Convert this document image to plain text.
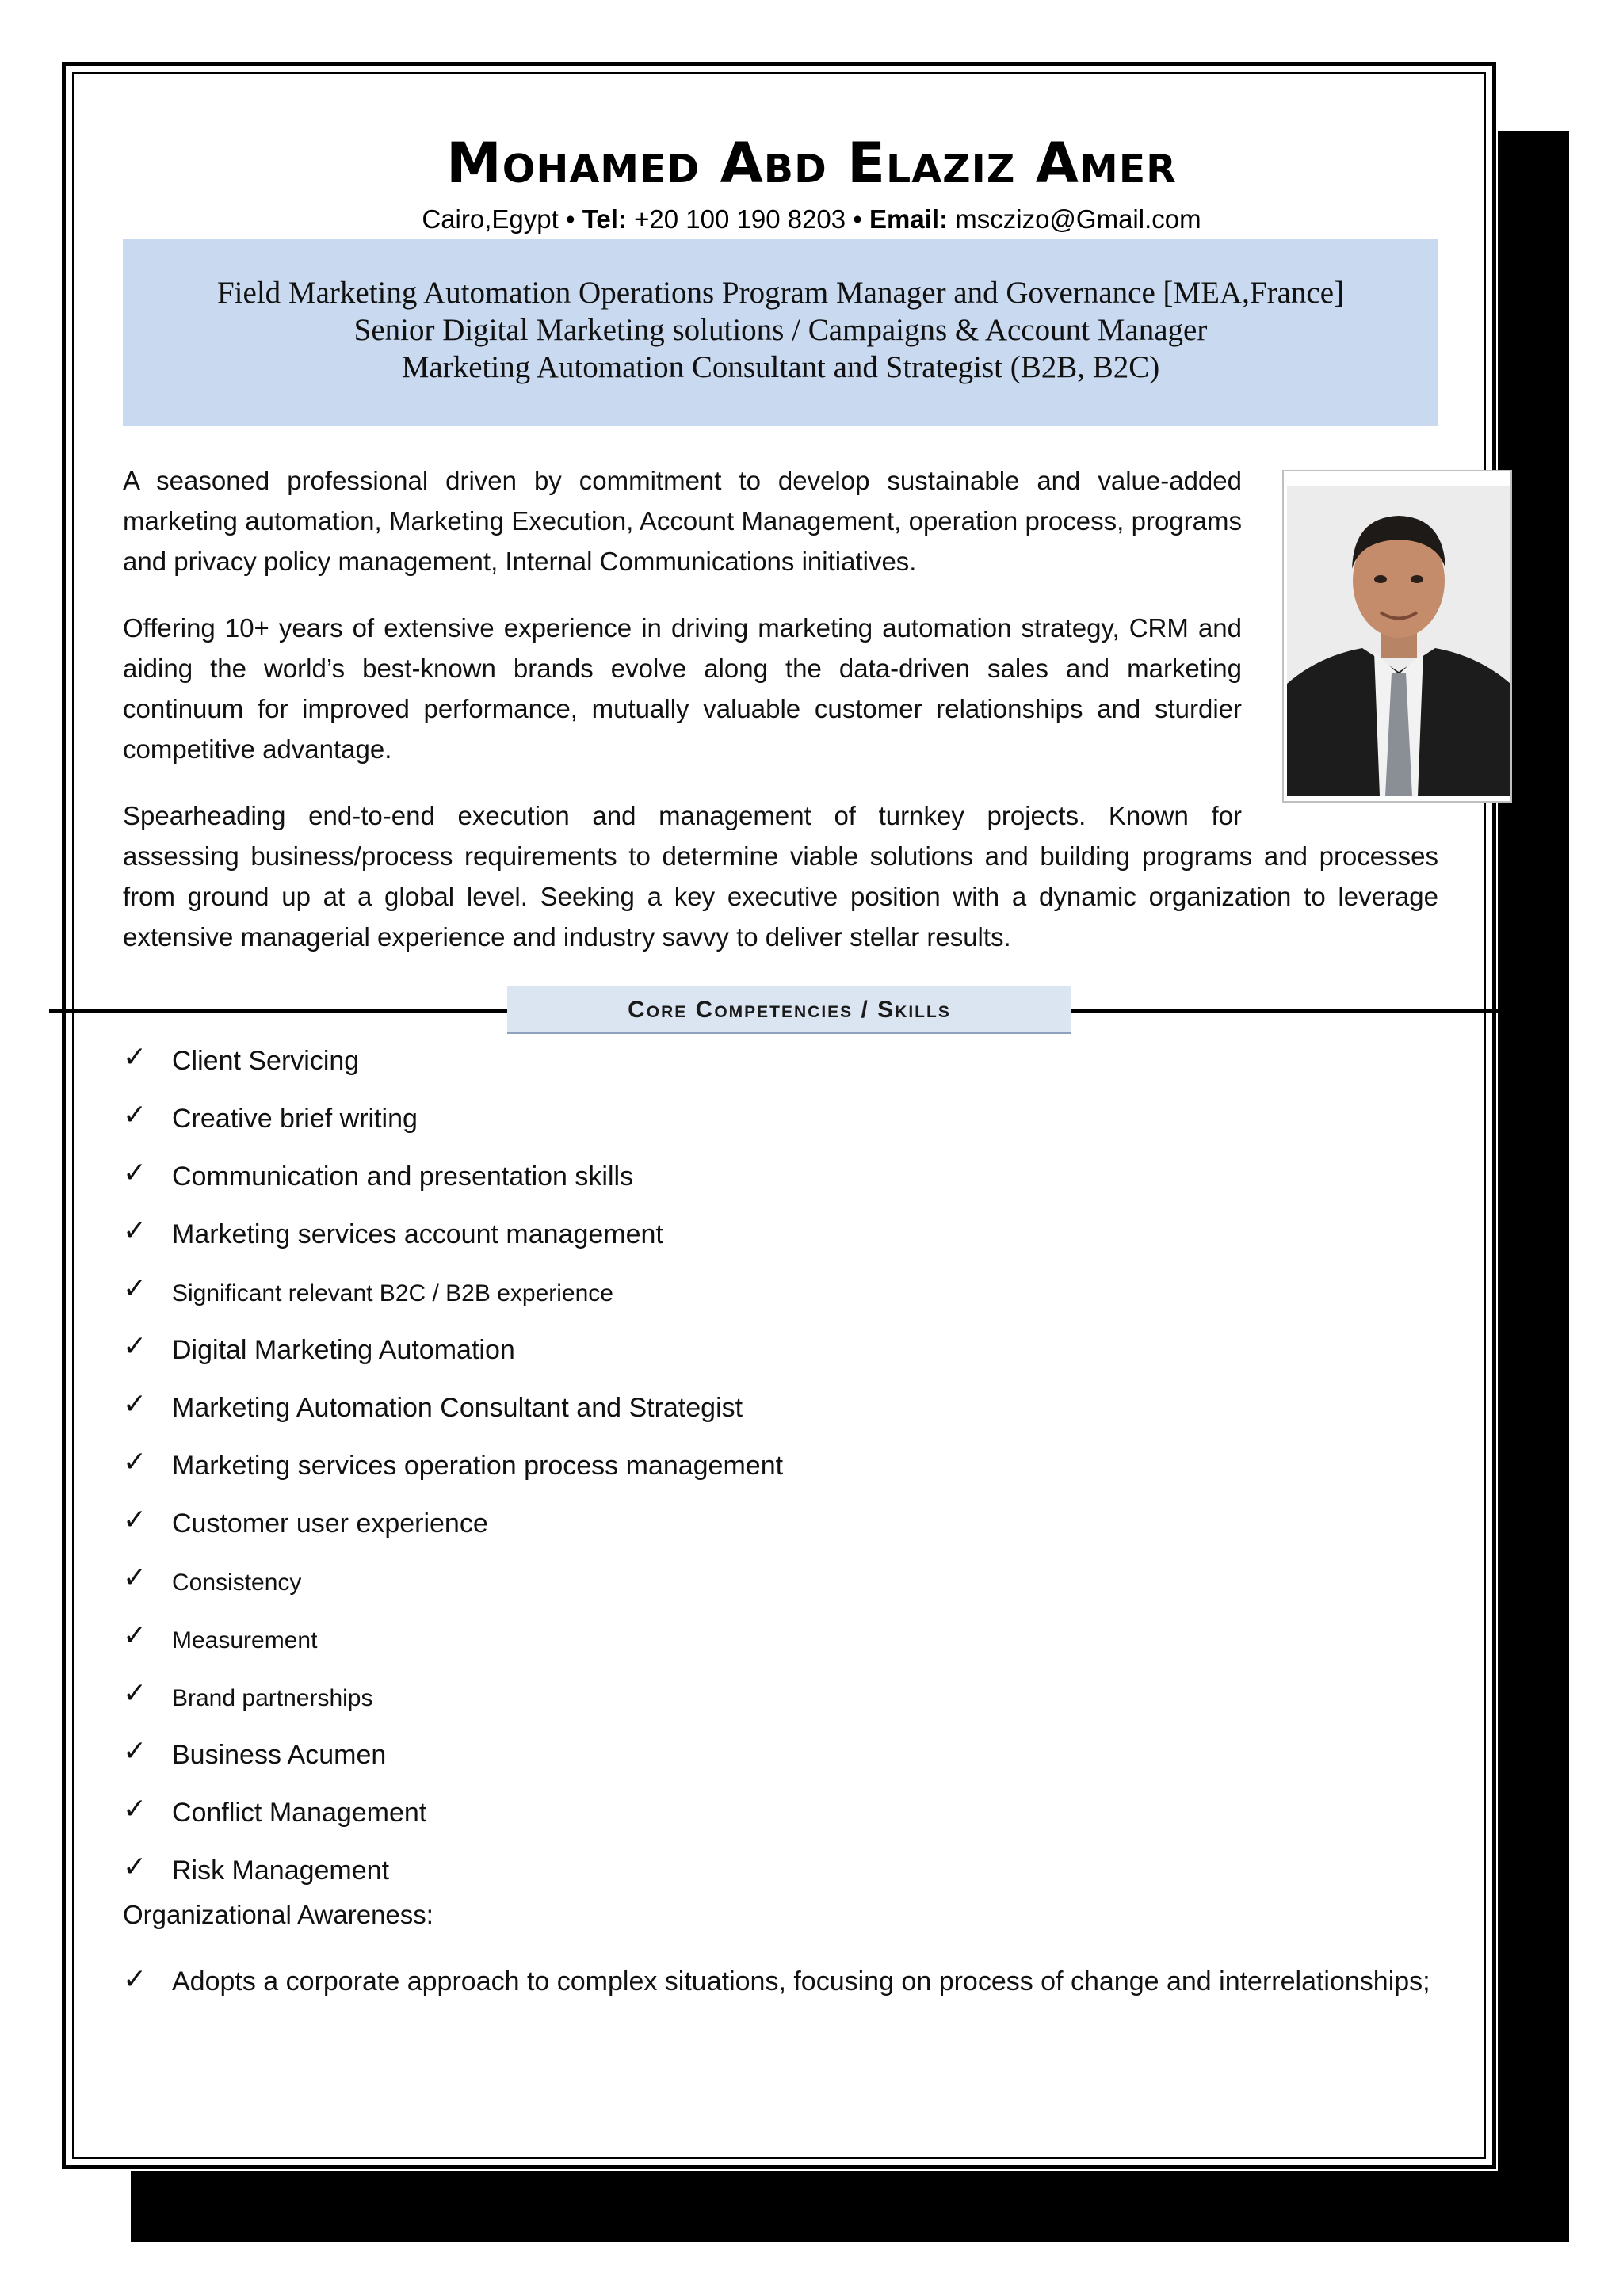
Mohamed Abd Elaziz Amer
Cairo,Egypt • Tel: +20 100 190 8203 • Email: msczizo@Gmail.com
Field Marketing Automation Operations Program Manager and Governance [MEA,France]
Senior Digital Marketing solutions / Campaigns & Account Manager
Marketing Automation Consultant and Strategist (B2B, B2C)
A seasoned professional driven by commitment to develop sustainable and value-added marketing automation, Marketing Execution, Account Management, operation process, programs and privacy policy management, Internal Communications initiatives.
Offering 10+ years of extensive experience in driving marketing automation strategy, CRM and aiding the world’s best-known brands evolve along the data-driven sales and marketing continuum for improved performance, mutually valuable customer relationships and sturdier competitive advantage.
Spearheading end-to-end execution and management of turnkey projects. Known for
assessing business/process requirements to determine viable solutions and building programs and processes from ground up at a global level. Seeking a key executive position with a dynamic organization to leverage extensive managerial experience and industry savvy to deliver stellar results.
Core Competencies / Skills
✓ Client Servicing
✓ Creative brief writing
✓ Communication and presentation skills
✓ Marketing services account management
✓ Significant relevant B2C / B2B experience
✓ Digital Marketing Automation
✓ Marketing Automation Consultant and Strategist
✓ Marketing services operation process management
✓ Customer user experience
✓ Consistency
✓ Measurement
✓ Brand partnerships
✓ Business Acumen
✓ Conflict Management
✓ Risk Management
Organizational Awareness:
✓ Adopts a corporate approach to complex situations, focusing on process of change and interrelationships;
